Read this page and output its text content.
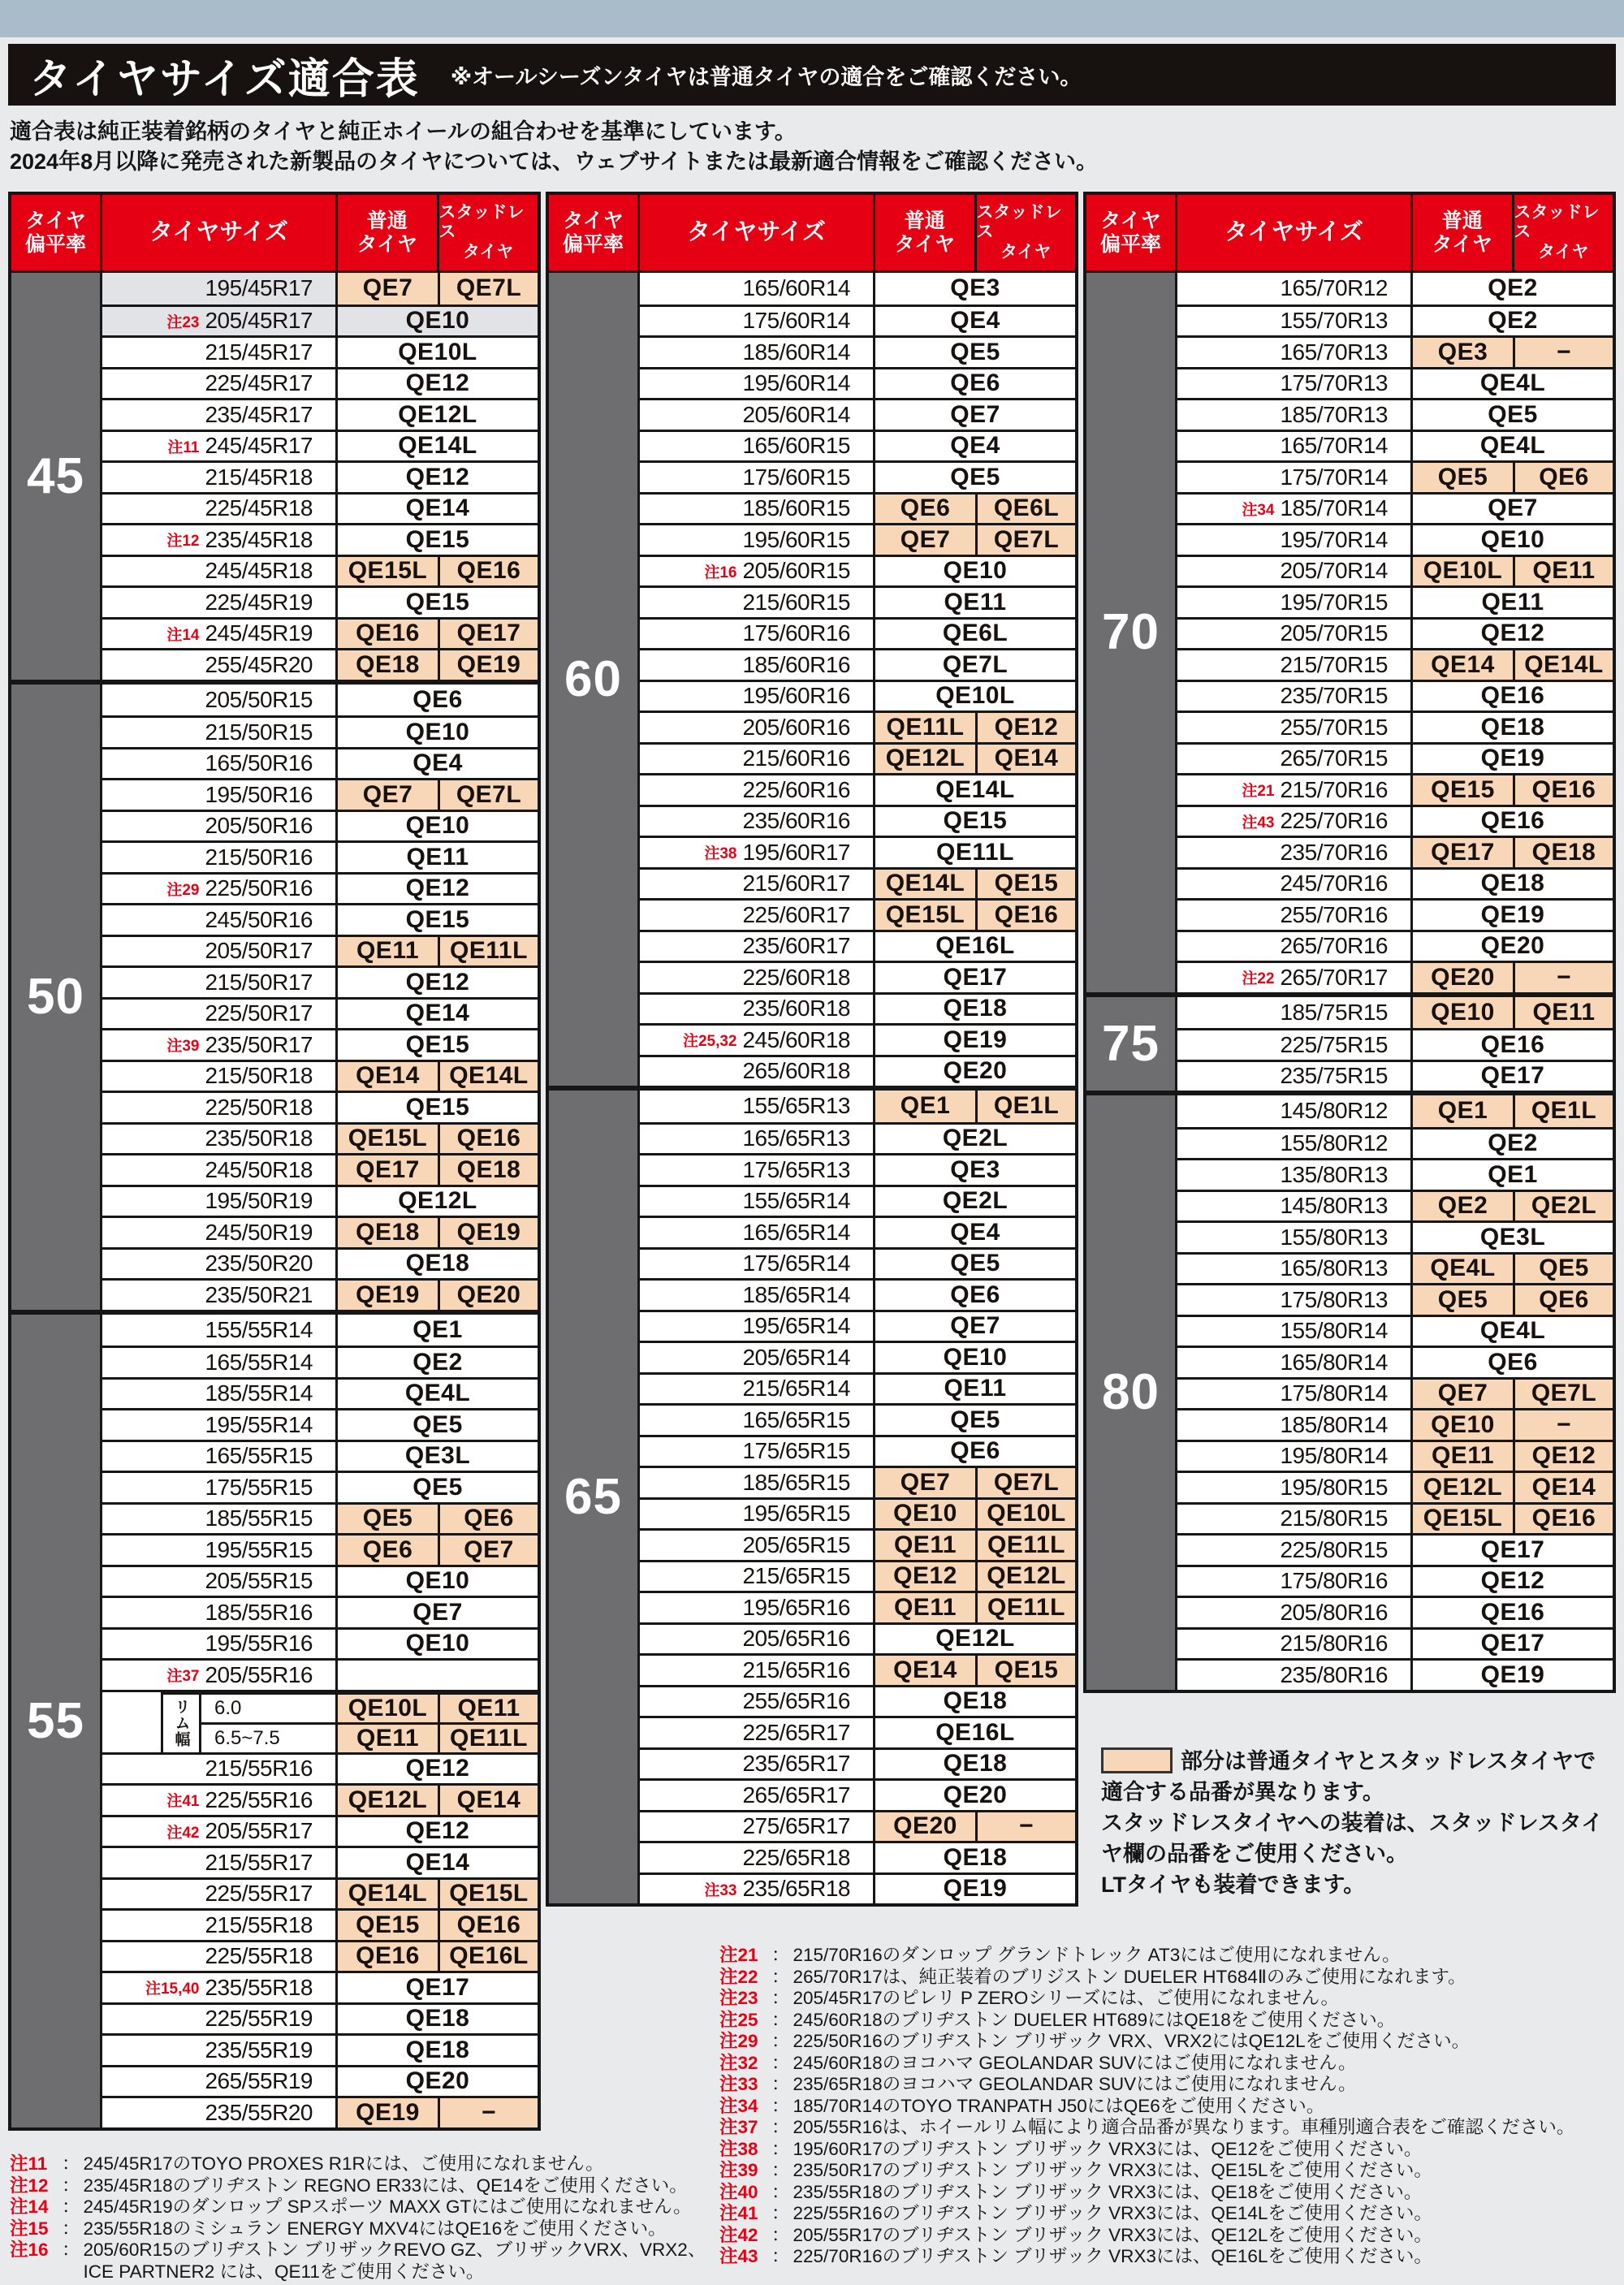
タイヤサイズ適合表 ※オールシーズンタイヤは普通タイヤの適合をご確認ください。
適合表は純正装着銘柄のタイヤと純正ホイールの組合わせを基準にしています。
2024年8月以降に発売された新製品のタイヤについては、ウェブサイトまたは最新適合情報をご確認ください。
タイヤ
偏平率	タイヤサイズ	普通
タイヤ
スタッドレス
タイヤ
45
195/45R17	QE7	QE7L
注23 205/45R17	QE10
215/45R17	QE10L
225/45R17	QE12
235/45R17	QE12L
注11 245/45R17	QE14L
215/45R18	QE12
225/45R18	QE14
注12 235/45R18	QE15
245/45R18	QE15L	QE16
225/45R19	QE15
注14 245/45R19	QE16	QE17
255/45R20	QE18	QE19
50
205/50R15	QE6
215/50R15	QE10
165/50R16	QE4
195/50R16	QE7	QE7L
205/50R16	QE10
215/50R16	QE11
注29 225/50R16	QE12
245/50R16	QE15
205/50R17	QE11	QE11L
215/50R17	QE12
225/50R17	QE14
注39 235/50R17	QE15
215/50R18	QE14	QE14L
225/50R18	QE15
235/50R18	QE15L	QE16
245/50R18	QE17	QE18
195/50R19	QE12L
245/50R19	QE18	QE19
235/50R20	QE18
235/50R21	QE19	QE20
55
155/55R14	QE1
165/55R14	QE2
185/55R14	QE4L
195/55R14	QE5
165/55R15	QE3L
175/55R15	QE5
185/55R15	QE5	QE6
195/55R15	QE6	QE7
205/55R15	QE10
185/55R16	QE7
195/55R16	QE10
注37 205/55R16
リム幅	6.0	QE10L	QE11
6.5~7.5	QE11	QE11L
215/55R16	QE12
注41 225/55R16	QE12L	QE14
注42 205/55R17	QE12
215/55R17	QE14
225/55R17	QE14L QE15L
215/55R18	QE15	QE16
225/55R18	QE16	QE16L
注15,40 235/55R18	QE17
225/55R19	QE18
235/55R19	QE18
265/55R19	QE20
235/55R20	QE19	−
タイヤ
偏平率	タイヤサイズ	普通
タイヤ
スタッドレス
タイヤ
60
165/60R14	QE3
175/60R14	QE4
185/60R14	QE5
195/60R14	QE6
205/60R14	QE7
165/60R15	QE4
175/60R15	QE5
185/60R15	QE6	QE6L
195/60R15	QE7	QE7L
注16 205/60R15	QE10
215/60R15	QE11
175/60R16	QE6L
185/60R16	QE7L
195/60R16	QE10L
205/60R16	QE11L	QE12
215/60R16	QE12L	QE14
225/60R16	QE14L
235/60R16	QE15
注38 195/60R17	QE11L
215/60R17	QE14L	QE15
225/60R17	QE15L	QE16
235/60R17	QE16L
225/60R18	QE17
235/60R18	QE18
注25,32 245/60R18	QE19
265/60R18	QE20
65
155/65R13	QE1	QE1L
165/65R13	QE2L
175/65R13	QE3
155/65R14	QE2L
165/65R14	QE4
175/65R14	QE5
185/65R14	QE6
195/65R14	QE7
205/65R14	QE10
215/65R14	QE11
165/65R15	QE5
175/65R15	QE6
185/65R15	QE7	QE7L
195/65R15	QE10	QE10L
205/65R15	QE11	QE11L
215/65R15	QE12	QE12L
195/65R16	QE11	QE11L
205/65R16	QE12L
215/65R16	QE14	QE15
255/65R16	QE18
225/65R17	QE16L
235/65R17	QE18
265/65R17	QE20
275/65R17	QE20	−
225/65R18	QE18
注33 235/65R18	QE19
タイヤ
偏平率	タイヤサイズ	普通
タイヤ
スタッドレス
タイヤ
70
165/70R12	QE2
155/70R13	QE2
165/70R13	QE3	−
175/70R13	QE4L
185/70R13	QE5
165/70R14	QE4L
175/70R14	QE5	QE6
注34 185/70R14	QE7
195/70R14	QE10
205/70R14	QE10L	QE11
195/70R15	QE11
205/70R15	QE12
215/70R15	QE14	QE14L
235/70R15	QE16
255/70R15	QE18
265/70R15	QE19
注21 215/70R16	QE15	QE16
注43 225/70R16	QE16
235/70R16	QE17	QE18
245/70R16	QE18
255/70R16	QE19
265/70R16	QE20
注22 265/70R17	QE20	−
75
185/75R15	QE10	QE11
225/75R15	QE16
235/75R15	QE17
80
145/80R12	QE1	QE1L
155/80R12	QE2
135/80R13	QE1
145/80R13	QE2	QE2L
155/80R13	QE3L
165/80R13	QE4L	QE5
175/80R13	QE5	QE6
155/80R14	QE4L
165/80R14	QE6
175/80R14	QE7	QE7L
185/80R14	QE10	−
195/80R14	QE11	QE12
195/80R15	QE12L	QE14
215/80R15	QE15L	QE16
225/80R15	QE17
175/80R16	QE12
205/80R16	QE16
215/80R16	QE17
235/80R16	QE19
部分は普通タイヤとスタッドレスタイヤで適合する品番が異なります。
スタッドレスタイヤへの装着は、スタッドレスタイヤ欄の品番をご使用ください。
LTタイヤも装着できます。
注11 ： 245/45R17のTOYO PROXES R1Rには、ご使用になれません。
注12 ： 235/45R18のブリヂストン REGNO ER33には、QE14をご使用ください。
注14 ： 245/45R19のダンロップ SPスポーツ MAXX GTにはご使用になれません。
注15 ： 235/55R18のミシュラン ENERGY MXV4にはQE16をご使用ください。
注16 ： 205/60R15のブリヂストン ブリザックREVO GZ、ブリザックVRX、VRX2、ICE PARTNER2 には、QE11をご使用ください。
注21 ： 215/70R16のダンロップ グランドトレック AT3にはご使用になれません。
注22 ： 265/70R17は、純正装着のブリジストン DUELER HT684Ⅱのみご使用になれます。
注23 ： 205/45R17のピレリ P ZEROシリーズには、ご使用になれません。
注25 ： 245/60R18のブリヂストン DUELER HT689にはQE18をご使用ください。
注29 ： 225/50R16のブリヂストン ブリザック VRX、VRX2にはQE12Lをご使用ください。
注32 ： 245/60R18のヨコハマ GEOLANDAR SUVにはご使用になれません。
注33 ： 235/65R18のヨコハマ GEOLANDAR SUVにはご使用になれません。
注34 ： 185/70R14のTOYO TRANPATH J50にはQE6をご使用ください。
注37 ： 205/55R16は、ホイールリム幅により適合品番が異なります。車種別適合表をご確認ください。
注38 ： 195/60R17のブリヂストン ブリザック VRX3には、QE12をご使用ください。
注39 ： 235/50R17のブリヂストン ブリザック VRX3には、QE15Lをご使用ください。
注40 ： 235/55R18のブリヂストン ブリザック VRX3には、QE18をご使用ください。
注41 ： 225/55R16のブリヂストン ブリザック VRX3には、QE14Lをご使用ください。
注42 ： 205/55R17のブリヂストン ブリザック VRX3には、QE12Lをご使用ください。
注43 ： 225/70R16のブリヂストン ブリザック VRX3には、QE16Lをご使用ください。
